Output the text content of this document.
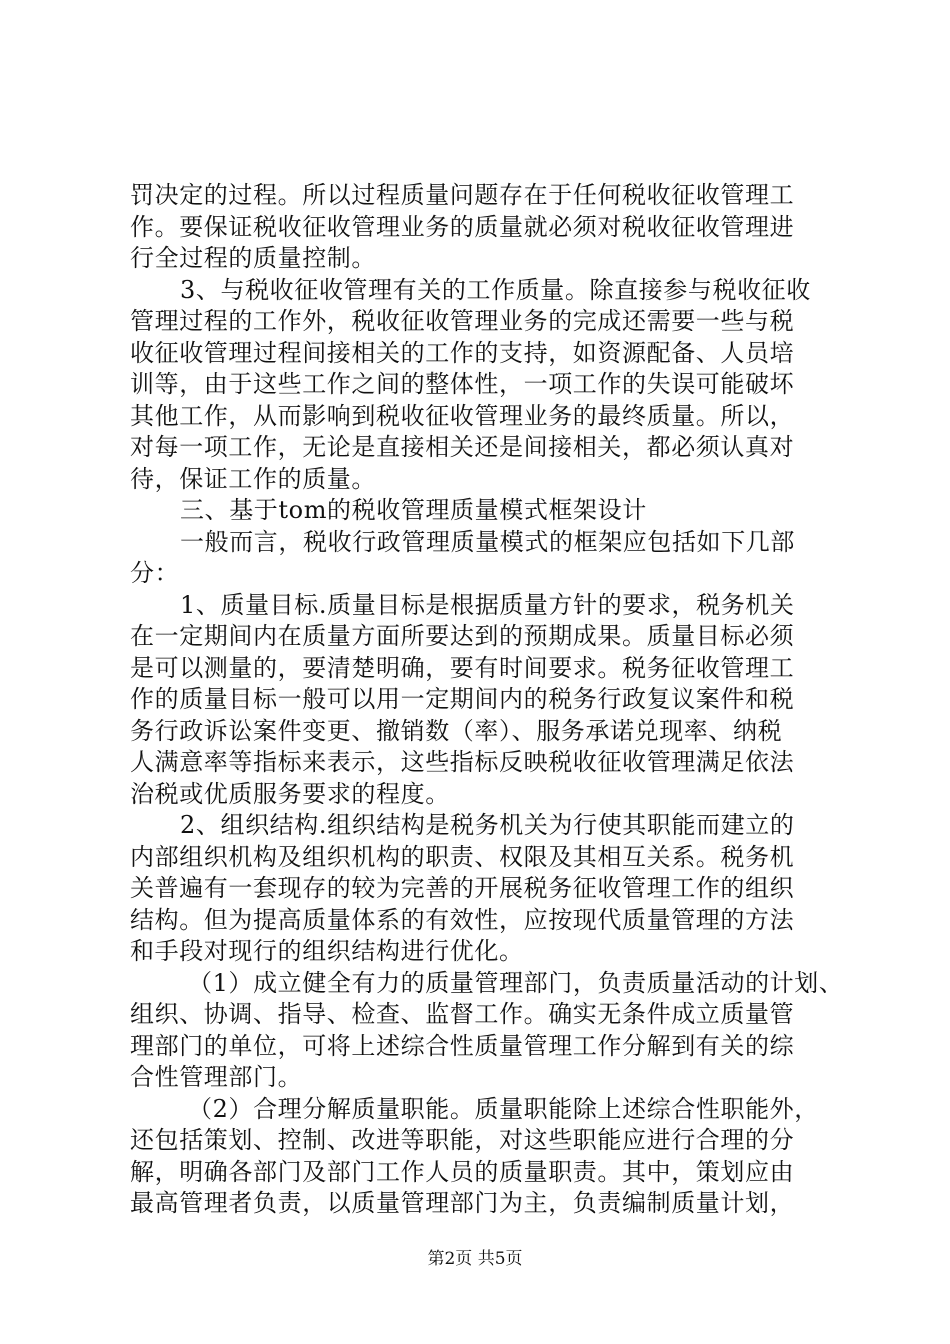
罚决定的过程。所以过程质量问题存在于任何税收征收管理工
作。要保证税收征收管理业务的质量就必须对税收征收管理进
行全过程的质量控制。
3、与税收征收管理有关的工作质量。除直接参与税收征收
管理过程的工作外，税收征收管理业务的完成还需要一些与税
收征收管理过程间接相关的工作的支持，如资源配备、人员培
训等，由于这些工作之间的整体性，一项工作的失误可能破坏
其他工作，从而影响到税收征收管理业务的最终质量。所以，
对每一项工作，无论是直接相关还是间接相关，都必须认真对
待，保证工作的质量。
三、基于tom的税收管理质量模式框架设计
一般而言，税收行政管理质量模式的框架应包括如下几部
分：
1、质量目标.质量目标是根据质量方针的要求，税务机关
在一定期间内在质量方面所要达到的预期成果。质量目标必须
是可以测量的，要清楚明确，要有时间要求。税务征收管理工
作的质量目标一般可以用一定期间内的税务行政复议案件和税
务行政诉讼案件变更、撤销数（率）、服务承诺兑现率、纳税
人满意率等指标来表示，这些指标反映税收征收管理满足依法
治税或优质服务要求的程度。
2、组织结构.组织结构是税务机关为行使其职能而建立的
内部组织机构及组织机构的职责、权限及其相互关系。税务机
关普遍有一套现存的较为完善的开展税务征收管理工作的组织
结构。但为提高质量体系的有效性，应按现代质量管理的方法
和手段对现行的组织结构进行优化。
（1）成立健全有力的质量管理部门，负责质量活动的计划、
组织、协调、指导、检查、监督工作。确实无条件成立质量管
理部门的单位，可将上述综合性质量管理工作分解到有关的综
合性管理部门。
（2）合理分解质量职能。质量职能除上述综合性职能外，
还包括策划、控制、改进等职能，对这些职能应进行合理的分
解，明确各部门及部门工作人员的质量职责。其中，策划应由
最高管理者负责，以质量管理部门为主，负责编制质量计划，
第2页 共5页
